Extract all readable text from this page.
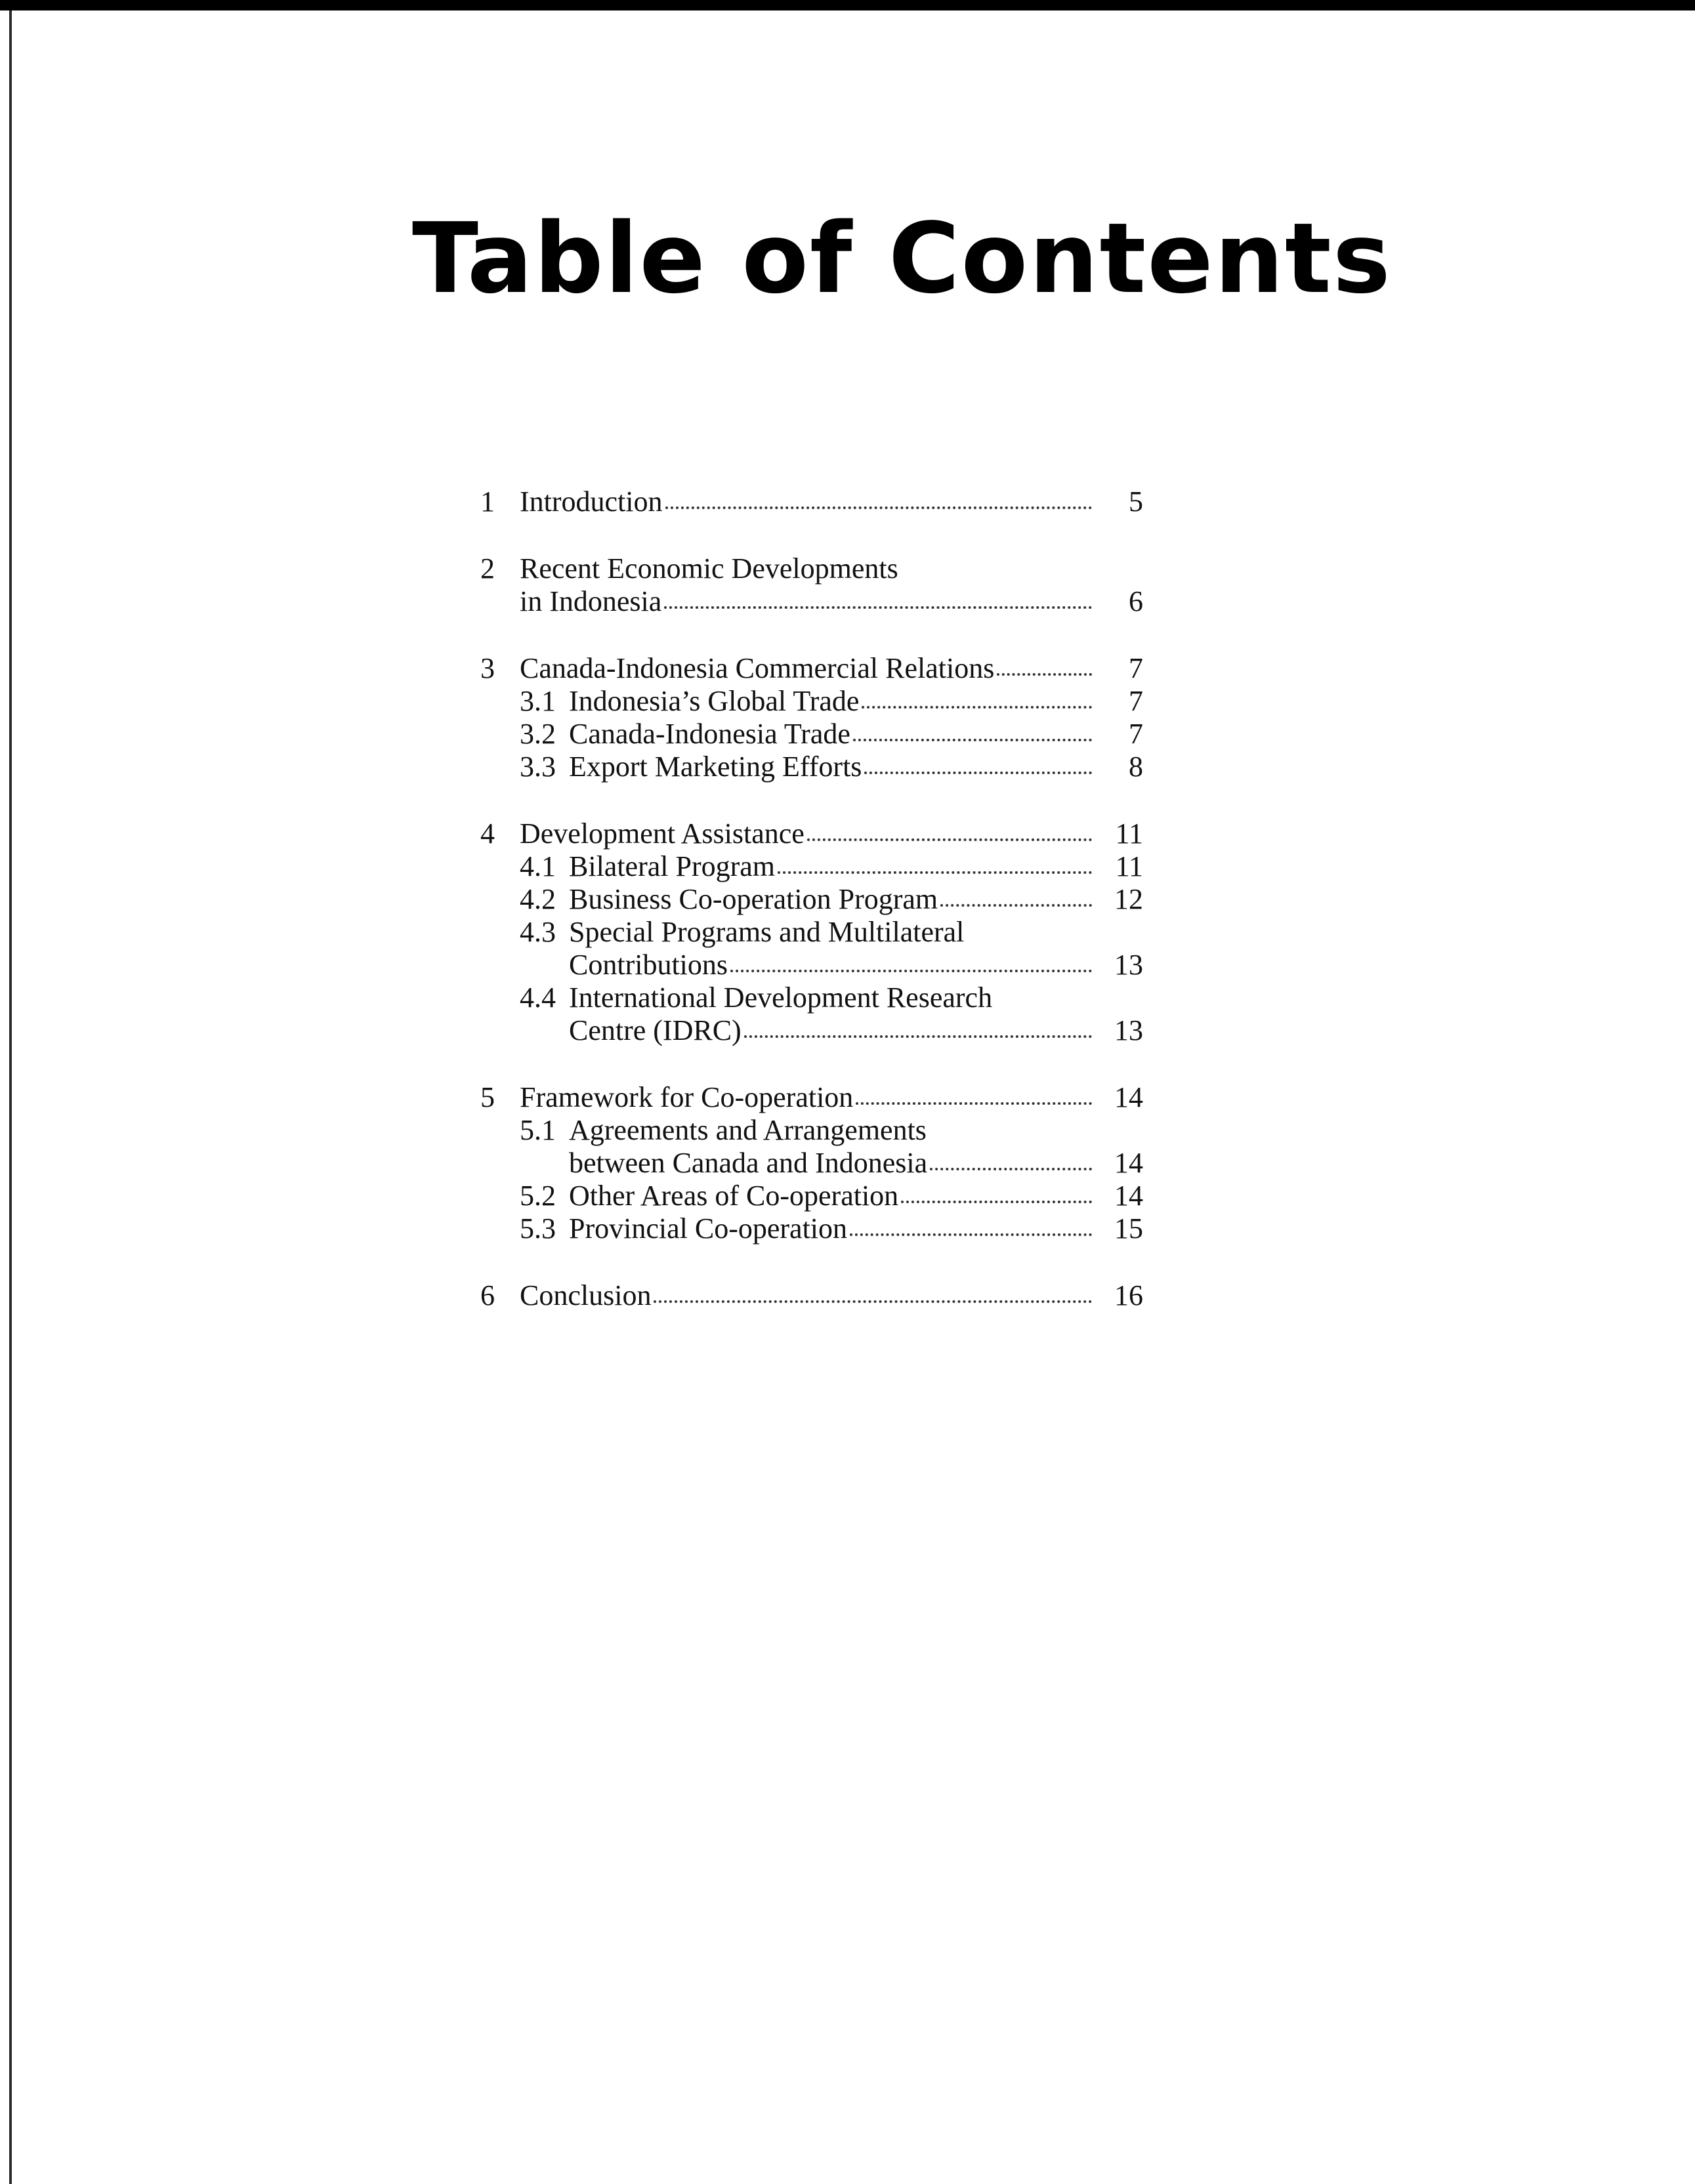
Table of Contents
1 Introduction	5
2 Recent Economic Developments
in Indonesia	6
3 Canada-Indonesia Commercial Relations	7
3.1 Indonesia’s Global Trade	7
3.2 Canada-Indonesia Trade	7
3.3 Export Marketing Efforts	8
4 Development Assistance	11
4.1 Bilateral Program	11
4.2 Business Co-operation Program	12
4.3 Special Programs and Multilateral
Contributions	13
4.4 International Development Research
Centre (IDRC)	13
5 Framework for Co-operation	14
5.1 Agreements and Arrangements
between Canada and Indonesia	14
5.2 Other Areas of Co-operation	14
5.3 Provincial Co-operation	15
6 Conclusion	16
